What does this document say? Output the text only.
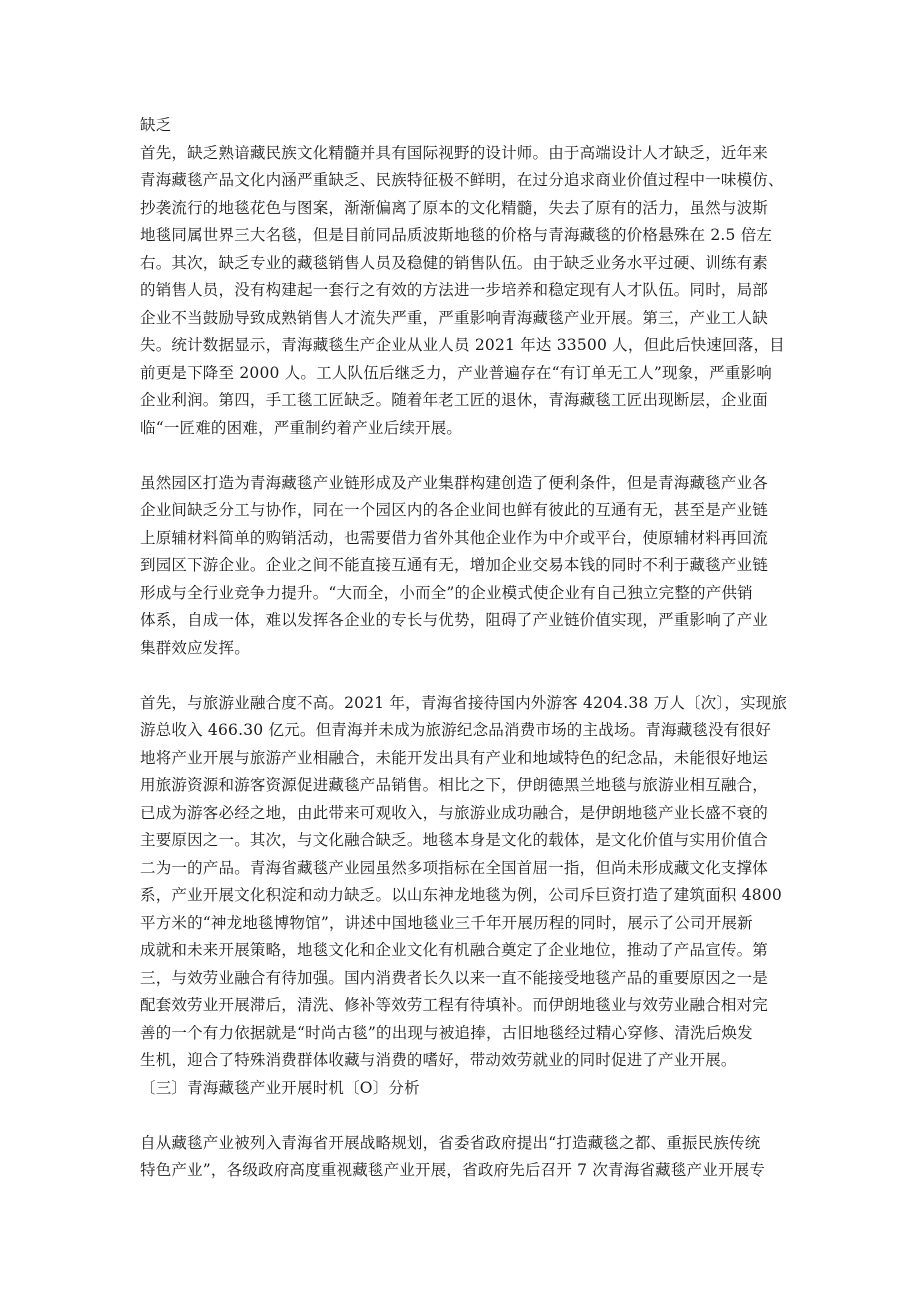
缺乏
首先，缺乏熟谙藏民族文化精髓并具有国际视野的设计师。由于高端设计人才缺乏，近年来
青海藏毯产品文化内涵严重缺乏、民族特征极不鲜明，在过分追求商业价值过程中一味模仿、
抄袭流行的地毯花色与图案，渐渐偏离了原本的文化精髓，失去了原有的活力，虽然与波斯
地毯同属世界三大名毯，但是目前同品质波斯地毯的价格与青海藏毯的价格悬殊在 2.5 倍左
右。其次，缺乏专业的藏毯销售人员及稳健的销售队伍。由于缺乏业务水平过硬、训练有素
的销售人员，没有构建起一套行之有效的方法进一步培养和稳定现有人才队伍。同时，局部
企业不当鼓励导致成熟销售人才流失严重，严重影响青海藏毯产业开展。第三，产业工人缺
失。统计数据显示，青海藏毯生产企业从业人员 2021 年达 33500 人，但此后快速回落，目
前更是下降至 2000 人。工人队伍后继乏力，产业普遍存在“有订单无工人”现象，严重影响
企业利润。第四，手工毯工匠缺乏。随着年老工匠的退休，青海藏毯工匠出现断层，企业面
临“一匠难的困难，严重制约着产业后续开展。
虽然园区打造为青海藏毯产业链形成及产业集群构建创造了便利条件，但是青海藏毯产业各
企业间缺乏分工与协作，同在一个园区内的各企业间也鲜有彼此的互通有无，甚至是产业链
上原辅材料简单的购销活动，也需要借力省外其他企业作为中介或平台，使原辅材料再回流
到园区下游企业。企业之间不能直接互通有无，增加企业交易本钱的同时不利于藏毯产业链
形成与全行业竞争力提升。“大而全，小而全”的企业模式使企业有自己独立完整的产供销
体系，自成一体，难以发挥各企业的专长与优势，阻碍了产业链价值实现，严重影响了产业
集群效应发挥。
首先，与旅游业融合度不高。2021 年，青海省接待国内外游客 4204.38 万人〔次〕，实现旅
游总收入 466.30 亿元。但青海并未成为旅游纪念品消费市场的主战场。青海藏毯没有很好
地将产业开展与旅游产业相融合，未能开发出具有产业和地域特色的纪念品，未能很好地运
用旅游资源和游客资源促进藏毯产品销售。相比之下，伊朗德黑兰地毯与旅游业相互融合，
已成为游客必经之地，由此带来可观收入，与旅游业成功融合，是伊朗地毯产业长盛不衰的
主要原因之一。其次，与文化融合缺乏。地毯本身是文化的载体，是文化价值与实用价值合
二为一的产品。青海省藏毯产业园虽然多项指标在全国首屈一指，但尚未形成藏文化支撑体
系，产业开展文化积淀和动力缺乏。以山东神龙地毯为例，公司斥巨资打造了建筑面积 4800
平方米的“神龙地毯博物馆”，讲述中国地毯业三千年开展历程的同时，展示了公司开展新
成就和未来开展策略，地毯文化和企业文化有机融合奠定了企业地位，推动了产品宣传。第
三，与效劳业融合有待加强。国内消费者长久以来一直不能接受地毯产品的重要原因之一是
配套效劳业开展滞后，清洗、修补等效劳工程有待填补。而伊朗地毯业与效劳业融合相对完
善的一个有力依据就是“时尚古毯”的出现与被追捧，古旧地毯经过精心穿修、清洗后焕发
生机，迎合了特殊消费群体收藏与消费的嗜好，带动效劳就业的同时促进了产业开展。
〔三〕青海藏毯产业开展时机〔O〕分析
自从藏毯产业被列入青海省开展战略规划，省委省政府提出“打造藏毯之都、重振民族传统
特色产业”，各级政府高度重视藏毯产业开展，省政府先后召开 7 次青海省藏毯产业开展专
